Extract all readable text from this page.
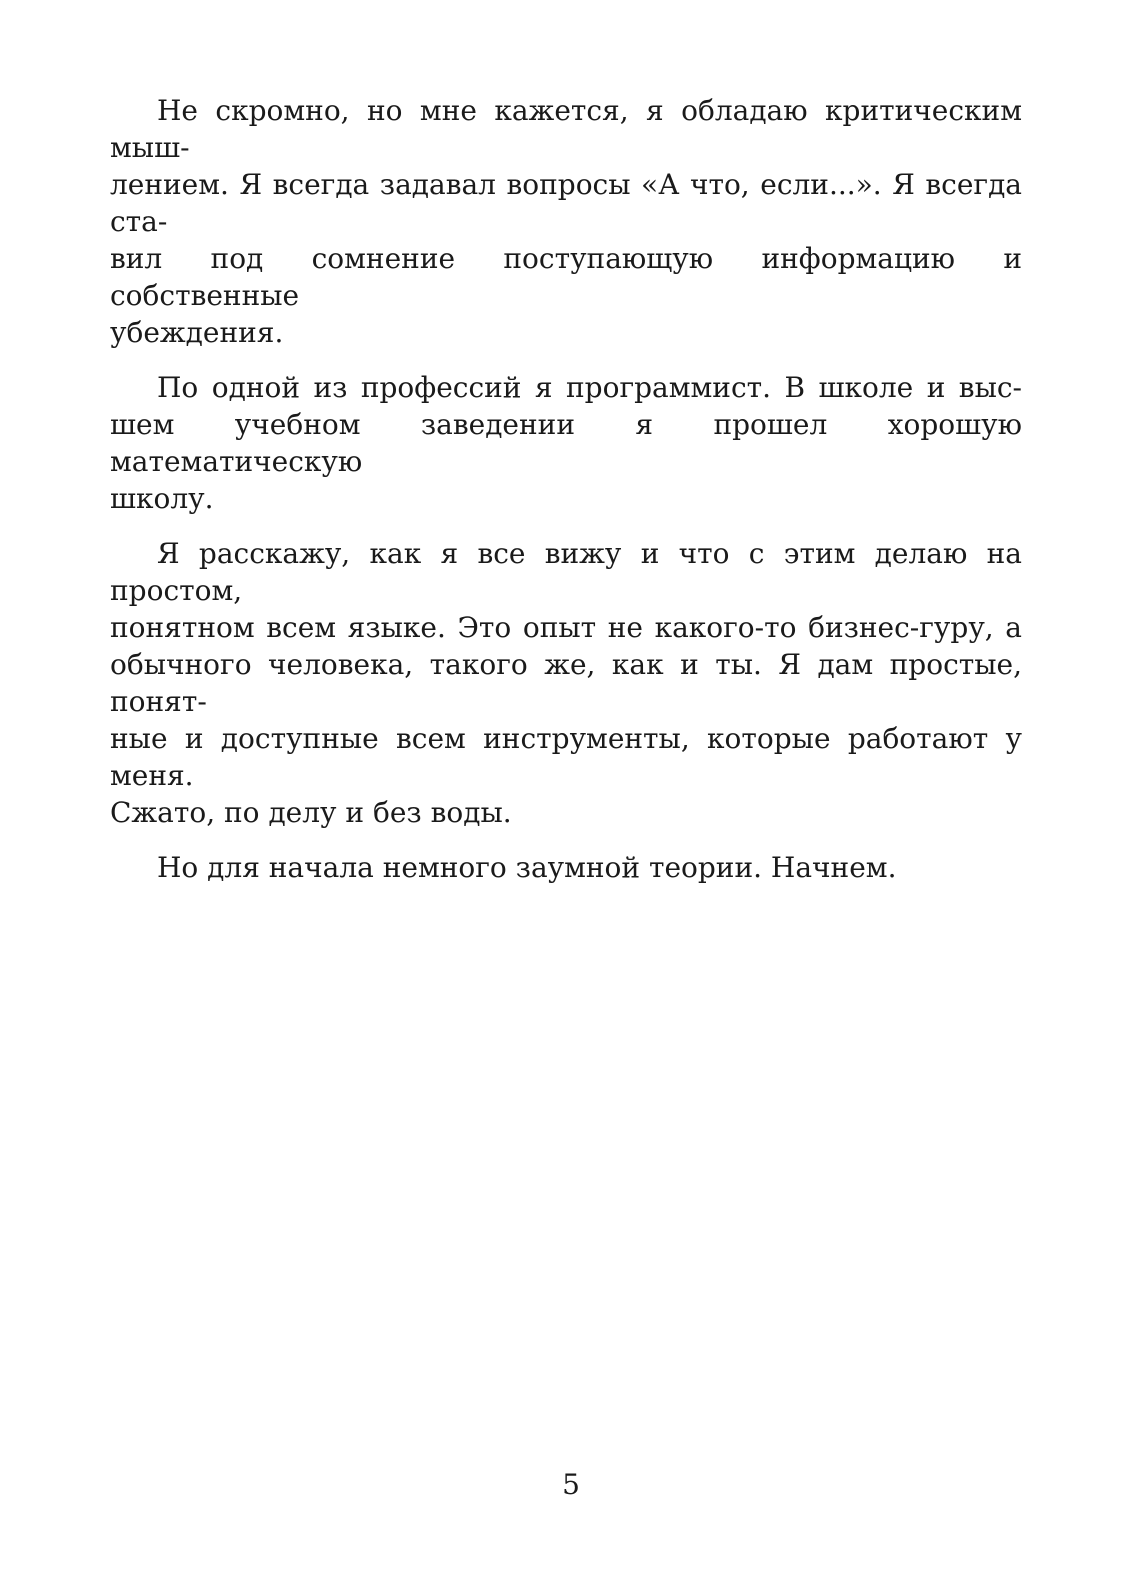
Не скромно, но мне кажется, я обладаю критическим мыш-
лением. Я всегда задавал вопросы «А что, если...». Я всегда ста-
вил под сомнение поступающую информацию и собственные
убеждения.

По одной из профессий я программист. В школе и выс-
шем учебном заведении я прошел хорошую математическую
школу.

Я расскажу, как я все вижу и что с этим делаю на простом,
понятном всем языке. Это опыт не какого-то бизнес-гуру, а
обычного человека, такого же, как и ты. Я дам простые, понят-
ные и доступные всем инструменты, которые работают у меня.
Сжато, по делу и без воды.

Но для начала немного заумной теории. Начнем.

5
